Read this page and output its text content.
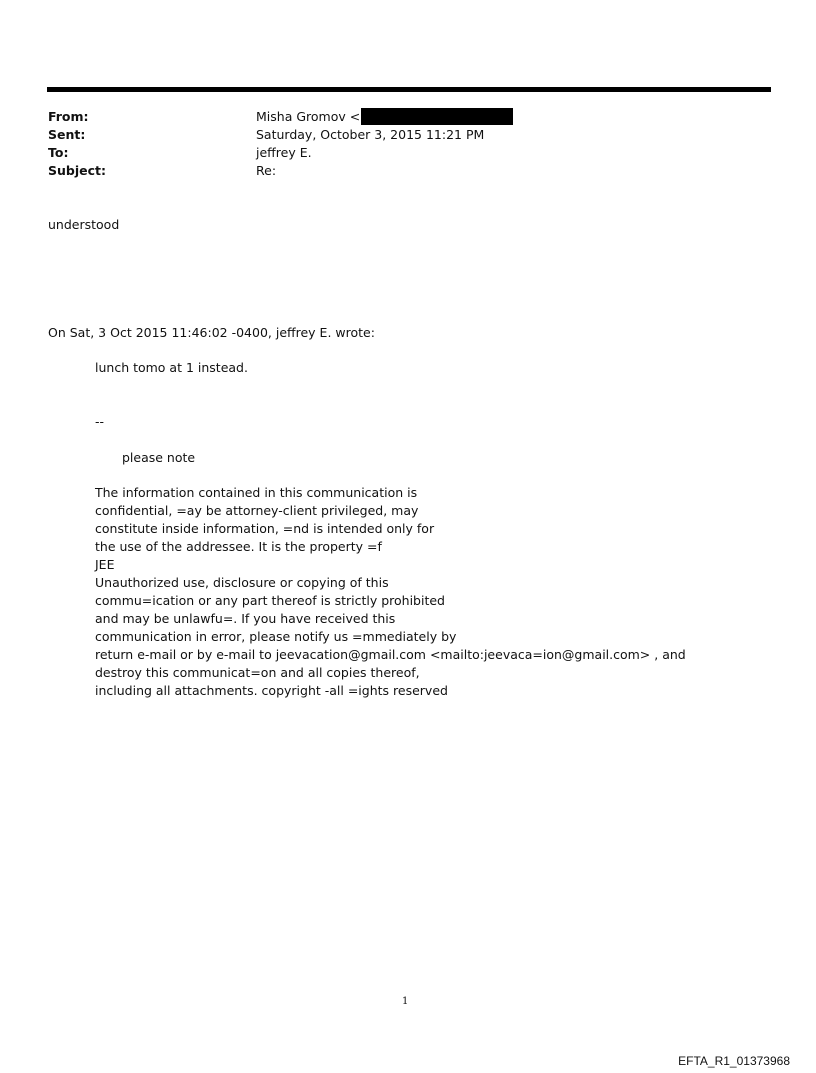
From:	Misha Gromov <
Sent:	Saturday, October 3, 2015 11:21 PM
To:	jeffrey E.
Subject:	Re:
understood
On Sat, 3 Oct 2015 11:46:02 -0400, jeffrey E. wrote:
lunch tomo at 1 instead.
--
please note
The information contained in this communication is
confidential, =ay be attorney-client privileged, may
constitute inside information, =nd is intended only for
the use of the addressee. It is the property =f
JEE
Unauthorized use, disclosure or copying of this
commu=ication or any part thereof is strictly prohibited
and may be unlawfu=. If you have received this
communication in error, please notify us =mmediately by
return e-mail or by e-mail to jeevacation@gmail.com <mailto:jeevaca=ion@gmail.com> , and
destroy this communicat=on and all copies thereof,
including all attachments. copyright -all =ights reserved
1
EFTA_R1_01373968
